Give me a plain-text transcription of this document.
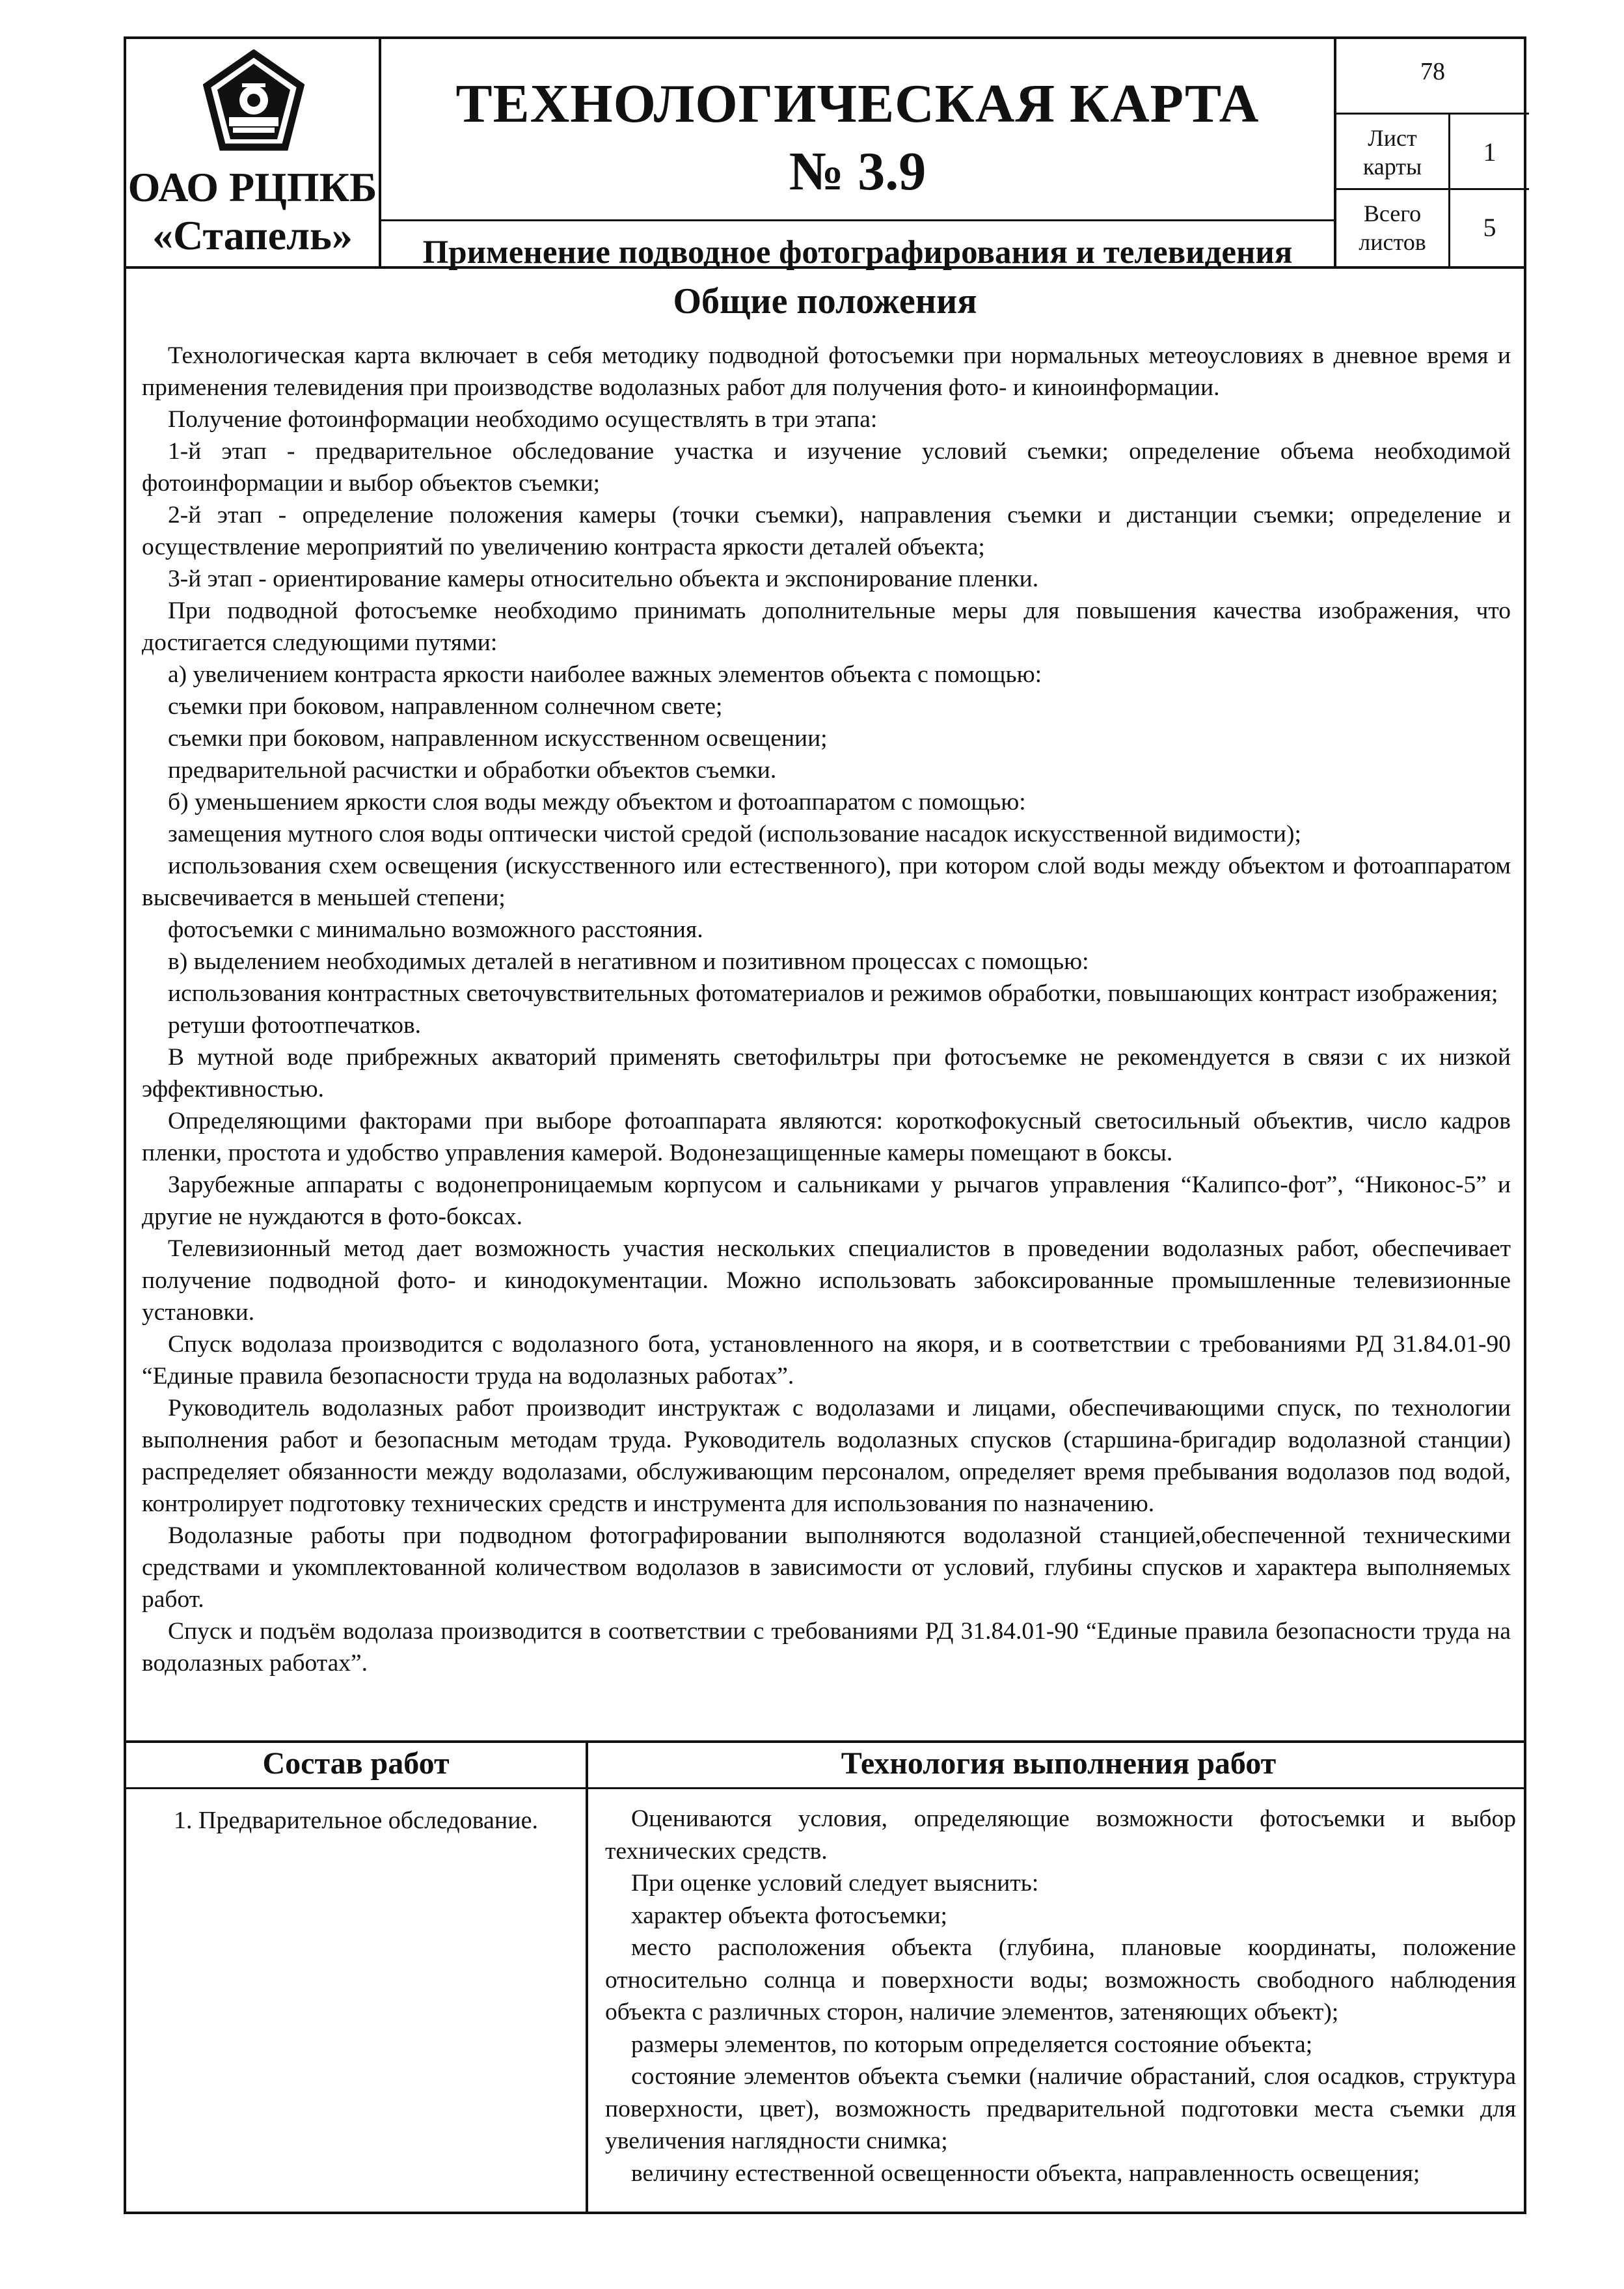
ОАО РЦПКБ
«Стапель»
ТЕХНОЛОГИЧЕСКАЯ КАРТА
№ 3.9
Применение подводное фотографирования и телевидения
78
Лист карты	1
Всего листов	5
Общие положения

Технологическая карта включает в себя методику подводной фотосъемки при нормальных метеоусловиях в дневное время и применения телевидения при производстве водолазных работ для получения фото- и киноинформации.

Получение фотоинформации необходимо осуществлять в три этапа:

1-й этап - предварительное обследование участка и изучение условий съемки; определение объема необходимой фотоинформации и выбор объектов съемки;

2-й этап - определение положения камеры (точки съемки), направления съемки и дистанции съемки; определение и осуществление мероприятий по увеличению контраста яркости деталей объекта;

3-й этап - ориентирование камеры относительно объекта и экспонирование пленки.

При подводной фотосъемке необходимо принимать дополнительные меры для повышения качества изображения, что достигается следующими путями:

а) увеличением контраста яркости наиболее важных элементов объекта с помощью:

съемки при боковом, направленном солнечном свете;

съемки при боковом, направленном искусственном освещении;

предварительной расчистки и обработки объектов съемки.

б) уменьшением яркости слоя воды между объектом и фотоаппаратом с помощью:

замещения мутного слоя воды оптически чистой средой (использование насадок искусственной видимости);

использования схем освещения (искусственного или естественного), при котором слой воды между объектом и фотоаппаратом высвечивается в меньшей степени;

фотосъемки с минимально возможного расстояния.

в) выделением необходимых деталей в негативном и позитивном процессах с помощью:

использования контрастных светочувствительных фотоматериалов и режимов обработки, повышающих контраст изображения;

ретуши фотоотпечатков.

В мутной воде прибрежных акваторий применять светофильтры при фотосъемке не рекомендуется в связи с их низкой эффективностью.

Определяющими факторами при выборе фотоаппарата являются: короткофокусный светосильный объектив, число кадров пленки, простота и удобство управления камерой. Водонезащищенные камеры помещают в боксы.

Зарубежные аппараты с водонепроницаемым корпусом и сальниками у рычагов управления “Калипсо-фот”, “Никонос-5” и другие не нуждаются в фото-боксах.

Телевизионный метод дает возможность участия нескольких специалистов в проведении водолазных работ, обеспечивает получение подводной фото- и кинодокументации. Можно использовать забоксированные промышленные телевизионные установки.

Спуск водолаза производится с водолазного бота, установленного на якоря, и в соответствии с требованиями РД 31.84.01-90 “Единые правила безопасности труда на водолазных работах”.

Руководитель водолазных работ производит инструктаж с водолазами и лицами, обеспечивающими спуск, по технологии выполнения работ и безопасным методам труда. Руководитель водолазных спусков (старшина-бригадир водолазной станции) распределяет обязанности между водолазами, обслуживающим персоналом, определяет время пребывания водолазов под водой, контролирует подготовку технических средств и инструмента для использования по назначению.

Водолазные работы при подводном фотографировании выполняются водолазной станцией,обеспеченной техническими средствами и укомплектованной количеством водолазов в зависимости от условий, глубины спусков и характера выполняемых работ.

Спуск и подъём водолаза производится в соответствии с требованиями РД 31.84.01-90 “Единые правила безопасности труда на водолазных работах”.

Состав работ	Технология выполнения работ
1. Предварительное обследование.	Оцениваются условия, определяющие возможности фотосъемки и выбор технических средств.

При оценке условий следует выяснить:

характер объекта фотосъемки;

место расположения объекта (глубина, плановые координаты, положение относительно солнца и поверхности воды; возможность свободного наблюдения объекта с различных сторон, наличие элементов, затеняющих объект);

размеры элементов, по которым определяется состояние объекта;

состояние элементов объекта съемки (наличие обрастаний, слоя осадков, структура поверхности, цвет), возможность предварительной подготовки места съемки для увеличения наглядности снимка;

величину естественной освещенности объекта, направленность освещения;
